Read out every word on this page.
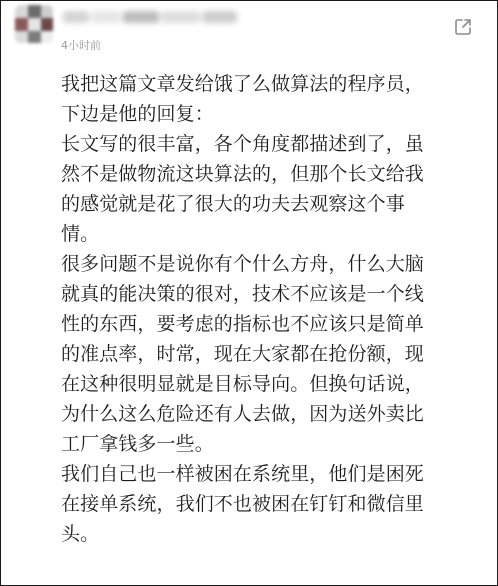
4小时前
我把这篇文章发给饿了么做算法的程序员，
下边是他的回复：
长文写的很丰富，各个角度都描述到了，虽
然不是做物流这块算法的，但那个长文给我
的感觉就是花了很大的功夫去观察这个事
情。
很多问题不是说你有个什么方舟，什么大脑
就真的能决策的很对，技术不应该是一个线
性的东西，要考虑的指标也不应该只是简单
的准点率，时常，现在大家都在抢份额，现
在这种很明显就是目标导向。但换句话说，
为什么这么危险还有人去做，因为送外卖比
工厂拿钱多一些。
我们自己也一样被困在系统里，他们是困死
在接单系统，我们不也被困在钉钉和微信里
头。
